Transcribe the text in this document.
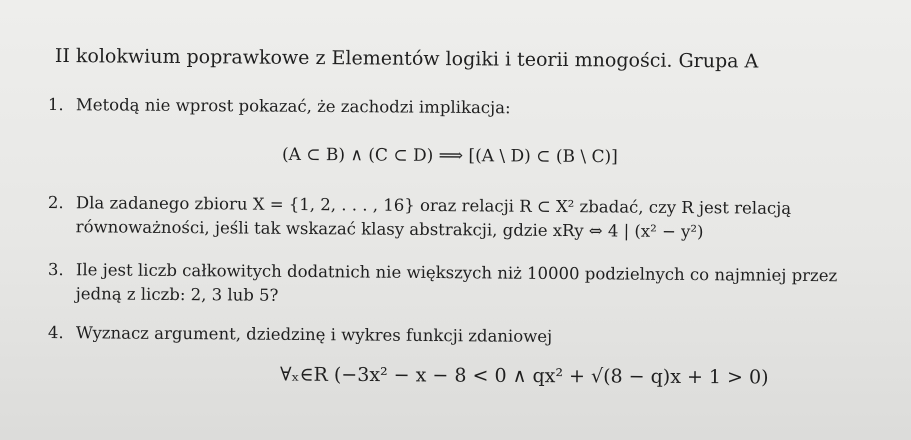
II kolokwium poprawkowe z Elementów logiki i teorii mnogości. Grupa A
1. Metodą nie wprost pokazać, że zachodzi implikacja:
(A ⊂ B) ∧ (C ⊂ D) ⟹ [(A \ D) ⊂ (B \ C)]
2. Dla zadanego zbioru X = {1, 2, . . . , 16} oraz relacji R ⊂ X² zbadać, czy R jest relacją
równoważności, jeśli tak wskazać klasy abstrakcji, gdzie xRy ⇔ 4 | (x² − y²)
3. Ile jest liczb całkowitych dodatnich nie większych niż 10000 podzielnych co najmniej przez
jedną z liczb: 2, 3 lub 5?
4. Wyznacz argument, dziedzinę i wykres funkcji zdaniowej
∀ₓ∈R (−3x² − x − 8 < 0 ∧ qx² + √(8 − q)x + 1 > 0)
